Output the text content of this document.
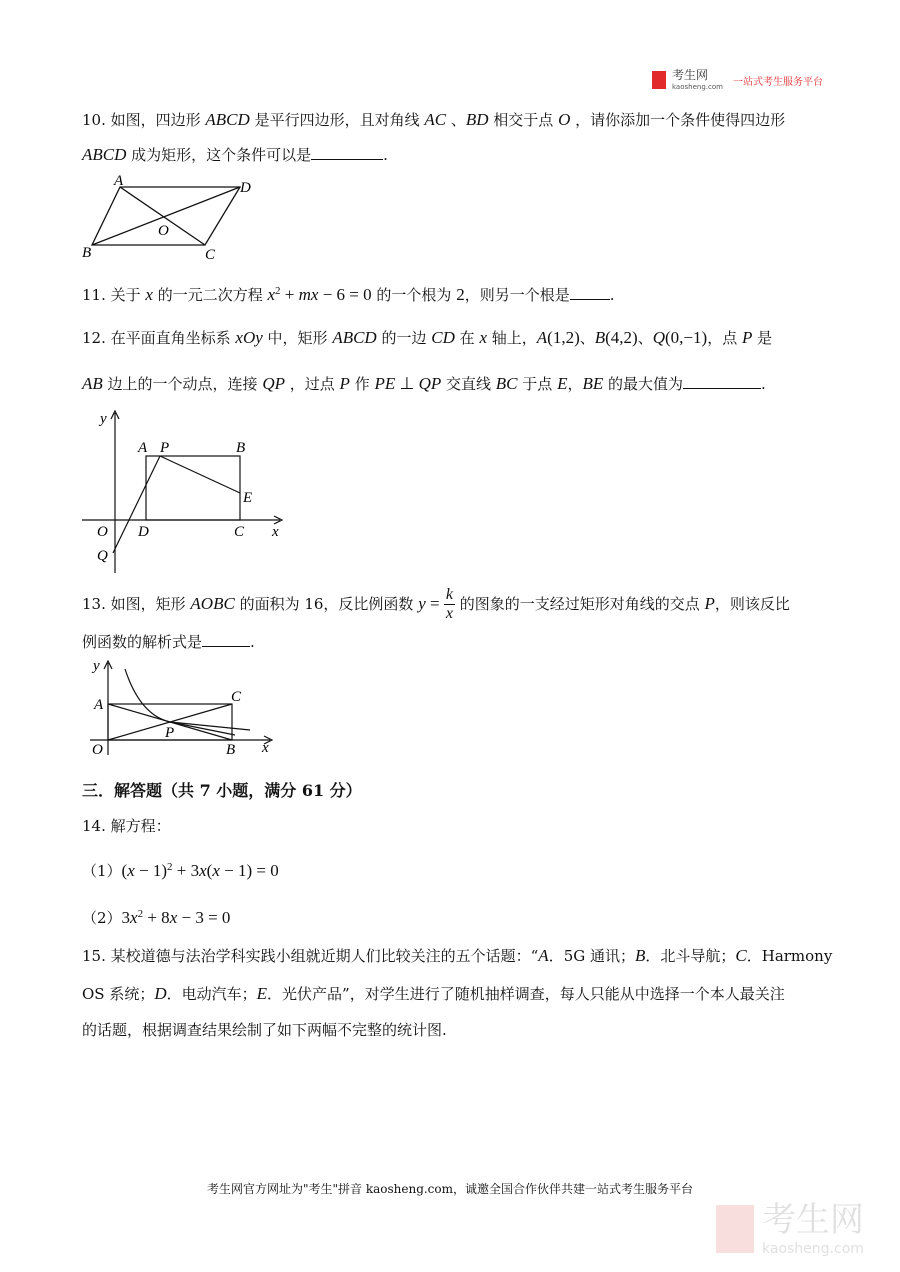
考生网
kaosheng.com 一站式考生服务平台
10. 如图，四边形 ABCD 是平行四边形，且对角线 AC 、BD 相交于点 O ，请你添加一个条件使得四边形
ABCD 成为矩形，这个条件可以是	.
A	D
B	C
O
11. 关于 x 的一元二次方程 $x^2$ + mx − 6 = 0 的一个根为 2，则另一个根是	.
12. 在平面直角坐标系 xOy 中，矩形 ABCD 的一边 CD 在 x 轴上，A(1,2)、B(4,2)、Q(0,−1)，点 P 是
AB 边上的一个动点，连接 QP ，过点 P 作 PE ⊥ QP 交直线 BC 于点 E，BE 的最大值为	.
y
A P	B
E
O D	C x
Q
13. 如图，矩形 AOBC 的面积为 16，反比例函数 $y = \frac{k}{x}$ 的图象的一支经过矩形对角线的交点 P，则该反比
例函数的解析式是	.
y
A	C
P
O	B x
三．解答题（共 7 小题，满分 61 分）
14. 解方程：
$(1)(x - 1)^2 + 3x(x - 1) = 0$
$(2)3x^2 + 8x - 3 = 0$
15. 某校道德与法治学科实践小组就近期人们比较关注的五个话题：“A．5G 通讯；B．北斗导航；C．Harmony
OS 系统；D．电动汽车；E．光伏产品”，对学生进行了随机抽样调查，每人只能从中选择一个本人最关注
的话题，根据调查结果绘制了如下两幅不完整的统计图.
考生网官方网址为"考生"拼音 kaosheng.com，诚邀全国合作伙伴共建一站式考生服务平台
考生网
kaosheng.com
